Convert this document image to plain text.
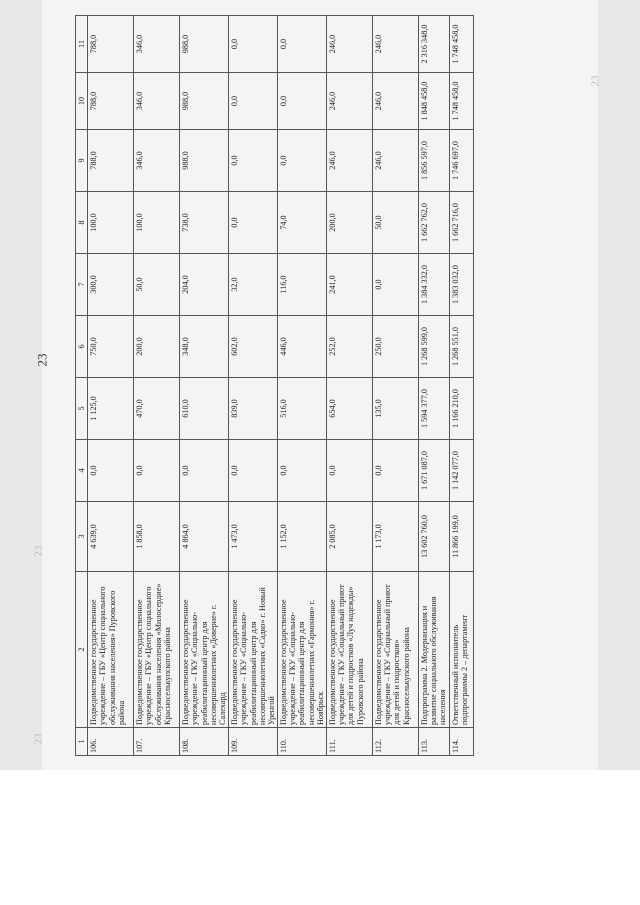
23
23
23
23	1	2	3	4	5	6	7	8	9	10	11
106.	Подведомственное государственное учреждение – ГБУ «Центр социального обслуживания населения» Пуровского района	4 639,0	0,0	1 125,0	750,0	300,0	100,0	788,0	788,0	788,0
107.	Подведомственное государственное учреждение – ГБУ «Центр социального обслуживания населения «Милосердие» Красноселькупского района	1 858,0	0,0	470,0	200,0	50,0	100,0	346,0	346,0	346,0
108.	Подведомственное государственное учреждение – ГКУ «Социально-реабилитационный центр для несовершеннолетних «Доверие» г. Салехард	4 864,0	0,0	610,0	348,0	204,0	738,0	988,0	988,0	988,0
109.	Подведомственное государственное учреждение – ГКУ «Социально-реабилитационный центр для несовершеннолетних «Садко» г. Новый Уренгой	1 473,0	0,0	839,0	602,0	32,0	0,0	0,0	0,0	0,0
110.	Подведомственное государственное учреждение – ГКУ «Социально-реабилитационный центр для несовершеннолетних «Гармония» г. Ноябрьск	1 152,0	0,0	516,0	446,0	116,0	74,0	0,0	0,0	0,0
111.	Подведомственное государственное учреждение – ГКУ «Социальный приют для детей и подростков «Луч надежды» Пуровского района	2 085,0	0,0	654,0	252,0	241,0	200,0	246,0	246,0	246,0
112.	Подведомственное государственное учреждение – ГКУ «Социальный приют для детей и подростков» Красноселькупского района	1 173,0	0,0	135,0	250,0	0,0	50,0	246,0	246,0	246,0
113.	Подпрограмма 2. Модернизация и развитие социального обслуживания населения	13 602 760,0	1 671 087,0	1 594 377,0	1 268 599,0	1 384 332,0	1 662 762,0	1 856 597,0	1 848 458,0	2 316 348,0
114.	Ответственный исполнитель подпрограммы 2 – департамент	11 866 199,0	1 142 077,0	1 166 210,0	1 268 551,0	1 383 032,0	1 662 716,0	1 746 697,0	1 748 458,0	1 748 458,0
